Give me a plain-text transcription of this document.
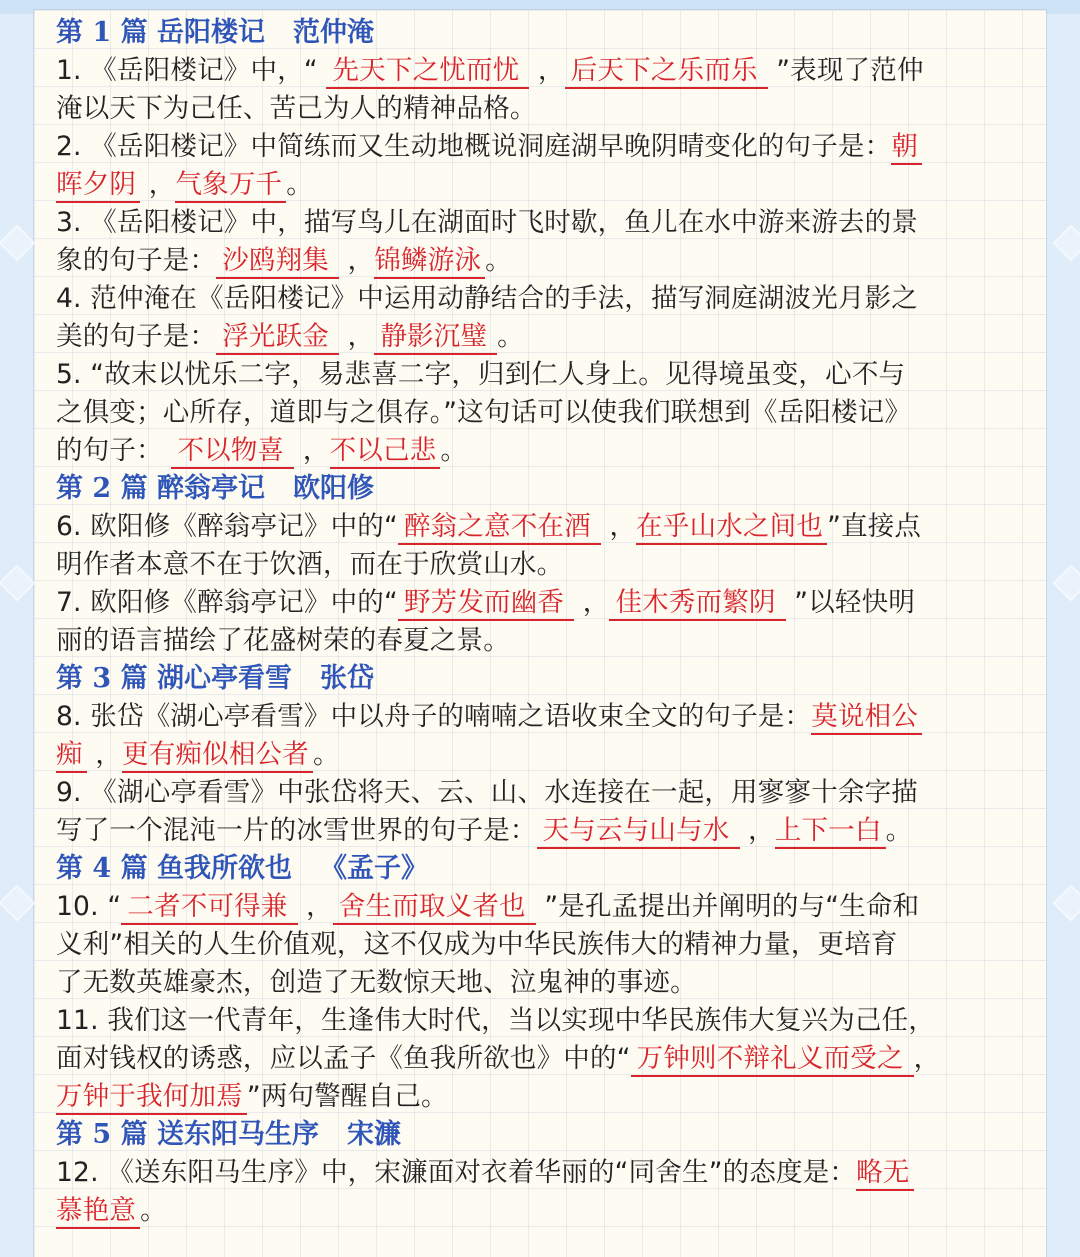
第 1 篇 岳阳楼记 范仲淹
1. 《岳阳楼记》中，“ 先天下之忧而忧 ， 后天下之乐而乐 ”表现了范仲
淹以天下为己任、苦己为人的精神品格。
2. 《岳阳楼记》中简练而又生动地概说洞庭湖早晚阴晴变化的句子是：朝
晖夕阴 ，气象万千 。
3. 《岳阳楼记》中，描写鸟儿在湖面时飞时歇，鱼儿在水中游来游去的景
象的句子是： 沙鸥翔集 ，锦鳞游泳 。
4. 范仲淹在《岳阳楼记》中运用动静结合的手法，描写洞庭湖波光月影之
美的句子是： 浮光跃金 ， 静影沉璧 。
5. “故末以忧乐二字，易悲喜二字，归到仁人身上。见得境虽变，心不与
之俱变；心所存，道即与之俱存。”这句话可以使我们联想到《岳阳楼记》
的句子： 不以物喜 ，不以己悲 。
第 2 篇 醉翁亭记 欧阳修
6. 欧阳修《醉翁亭记》中的“ 醉翁之意不在酒 ，在乎山水之间也 ”直接点
明作者本意不在于饮酒，而在于欣赏山水。
7. 欧阳修《醉翁亭记》中的“ 野芳发而幽香 ， 佳木秀而繁阴 ”以轻快明
丽的语言描绘了花盛树荣的春夏之景。
第 3 篇 湖心亭看雪 张岱
8. 张岱《湖心亭看雪》中以舟子的喃喃之语收束全文的句子是：莫说相公
痴 ，更有痴似相公者 。
9. 《湖心亭看雪》中张岱将天、云、山、水连接在一起，用寥寥十余字描
写了一个混沌一片的冰雪世界的句子是： 天与云与山与水 ，上下一白 。
第 4 篇 鱼我所欲也 《孟子》
10. “ 二者不可得兼 ， 舍生而取义者也 ”是孔孟提出并阐明的与“生命和
义利”相关的人生价值观，这不仅成为中华民族伟大的精神力量，更培育
了无数英雄豪杰，创造了无数惊天地、泣鬼神的事迹。
11. 我们这一代青年，生逢伟大时代，当以实现中华民族伟大复兴为己任，
面对钱权的诱惑，应以孟子《鱼我所欲也》中的“ 万钟则不辩礼义而受之 ，
万钟于我何加焉 ”两句警醒自己。
第 5 篇 送东阳马生序 宋濂
12. 《送东阳马生序》中，宋濂面对衣着华丽的“同舍生”的态度是：略无
慕艳意 。
